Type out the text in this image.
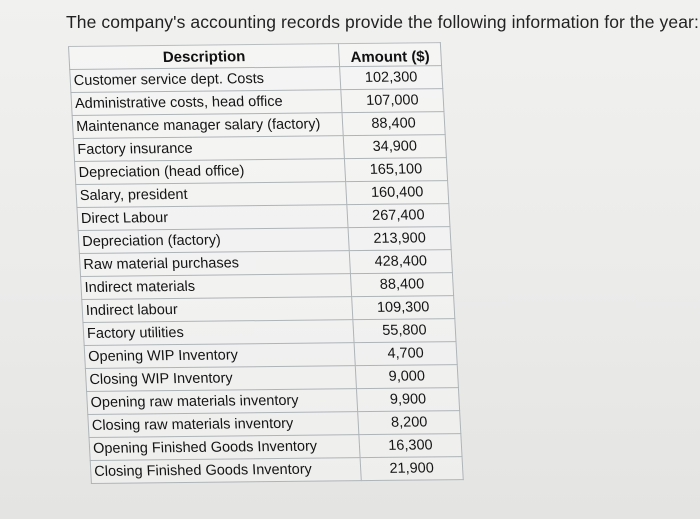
The company's accounting records provide the following information for the year:
Description	Amount ($)
Customer service dept. Costs	102,300
Administrative costs, head office	107,000
Maintenance manager salary (factory)	88,400
Factory insurance	34,900
Depreciation (head office)	165,100
Salary, president	160,400
Direct Labour	267,400
Depreciation (factory)	213,900
Raw material purchases	428,400
Indirect materials	88,400
Indirect labour	109,300
Factory utilities	55,800
Opening WIP Inventory	4,700
Closing WIP Inventory	9,000
Opening raw materials inventory	9,900
Closing raw materials inventory	8,200
Opening Finished Goods Inventory	16,300
Closing Finished Goods Inventory	21,900
